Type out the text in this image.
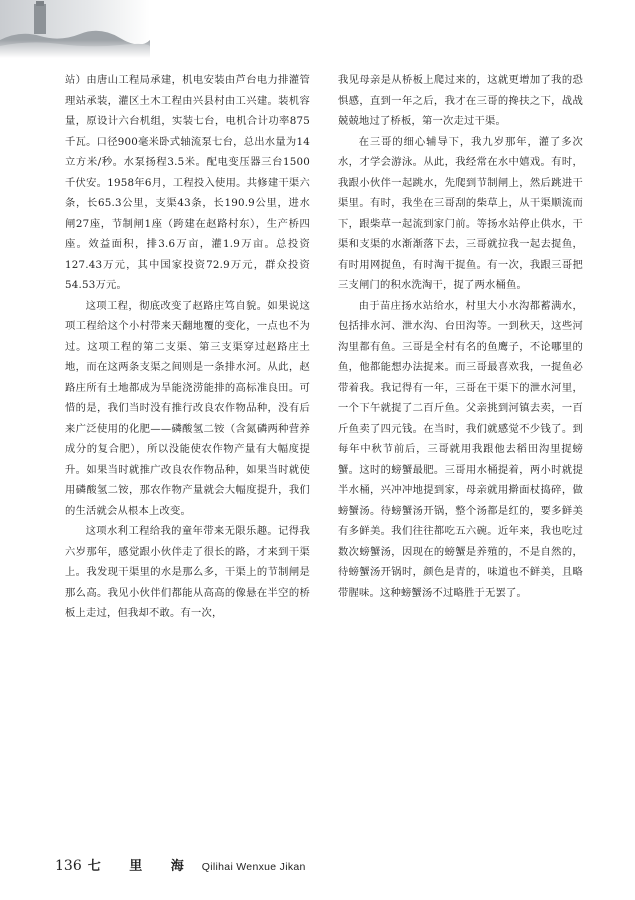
站）由唐山工程局承建，机电安装由芦台电力排灌管理站承装，灌区土木工程由兴县村由工兴建。装机容量，原设计六台机组，实装七台，电机合计功率875千瓦。口径900毫米卧式轴流泵七台，总出水量为14立方米/秒。水泵扬程3.5米。配电变压器三台1500千伏安。1958年6月，工程投入使用。共修建干渠六条，长65.3公里，支渠43条，长190.9公里，进水闸27座，节制闸1座（跨建在赵路村东），生产桥四座。效益面积，排3.6万亩，灌1.9万亩。总投资127.43万元，其中国家投资72.9万元，群众投资54.53万元。

这项工程，彻底改变了赵路庄笃自貌。如果说这项工程给这个小村带来天翻地覆的变化，一点也不为过。这项工程的第二支渠、第三支渠穿过赵路庄土地，而在这两条支渠之间则是一条排水河。从此，赵路庄所有土地都成为旱能浇涝能排的高标准良田。可惜的是，我们当时没有推行改良农作物品种，没有后来广泛使用的化肥——磷酸氢二铵（含氮磷两种营养成分的复合肥），所以没能使农作物产量有大幅度提升。如果当时就推广改良农作物品种，如果当时就使用磷酸氢二铵，那农作物产量就会大幅度提升，我们的生活就会从根本上改变。

这项水利工程给我的童年带来无限乐趣。记得我六岁那年，感觉跟小伙伴走了很长的路，才来到干渠上。我发现干渠里的水是那么多，干渠上的节制闸是那么高。我见小伙伴们都能从高高的像悬在半空的桥板上走过，但我却不敢。有一次，

我见母亲是从桥板上爬过来的，这就更增加了我的恐惧感，直到一年之后，我才在三哥的搀扶之下，战战兢兢地过了桥板，第一次走过干渠。

在三哥的细心辅导下，我九岁那年，灌了多次水，才学会游泳。从此，我经常在水中嬉戏。有时，我跟小伙伴一起跳水，先爬到节制闸上，然后跳进干渠里。有时，我坐在三哥刮的柴草上，从干渠顺流而下，跟柴草一起流到家门前。等扬水站停止供水，干渠和支渠的水渐渐落下去，三哥就拉我一起去捉鱼，有时用网捉鱼，有时淘干捉鱼。有一次，我跟三哥把三支闸门的积水洗淘干，捉了两水桶鱼。

由于苗庄扬水站给水，村里大小水沟都蓄满水，包括排水河、泄水沟、台田沟等。一到秋天，这些河沟里都有鱼。三哥是全村有名的鱼鹰子，不论哪里的鱼，他都能想办法捉来。而三哥最喜欢我，一捉鱼必带着我。我记得有一年，三哥在干渠下的泄水河里，一个下午就捉了二百斤鱼。父亲挑到河镇去卖，一百斤鱼卖了四元钱。在当时，我们就感觉不少钱了。到每年中秋节前后，三哥就用我跟他去稻田沟里捉螃蟹。这时的螃蟹最肥。三哥用水桶提着，两小时就提半水桶，兴冲冲地提到家，母亲就用擀面杖捣碎，做螃蟹汤。待螃蟹汤开锅，整个汤都是红的，要多鲜美有多鲜美。我们往往都吃五六碗。近年来，我也吃过数次螃蟹汤，因现在的螃蟹是养殖的，不是自然的，待螃蟹汤开锅时，颜色是青的，味道也不鲜美，且略带腥味。这种螃蟹汤不过略胜于无罢了。

136 七 里 海 Qilihai Wenxue Jikan
